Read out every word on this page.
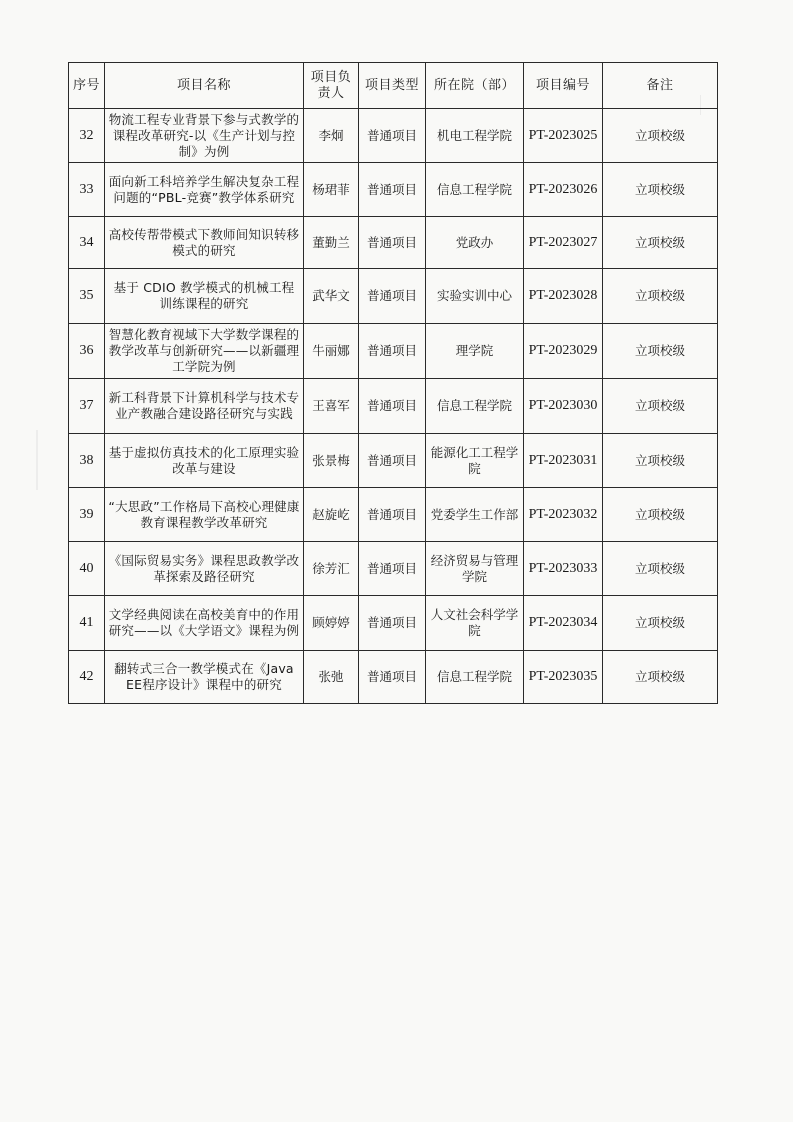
序号	项目名称	项目负责人	项目类型	所在院（部）	项目编号	备注
32	物流工程专业背景下参与式教学的课程改革研究-以《生产计划与控制》为例	李炯	普通项目	机电工程学院	PT-2023025	立项校级
33	面向新工科培养学生解决复杂工程问题的“PBL-竞赛”教学体系研究	杨珺菲	普通项目	信息工程学院	PT-2023026	立项校级
34	高校传帮带模式下教师间知识转移模式的研究	董勤兰	普通项目	党政办	PT-2023027	立项校级
35	基于 CDIO 教学模式的机械工程训练课程的研究	武华文	普通项目	实验实训中心	PT-2023028	立项校级
36	智慧化教育视域下大学数学课程的教学改革与创新研究——以新疆理工学院为例	牛丽娜	普通项目	理学院	PT-2023029	立项校级
37	新工科背景下计算机科学与技术专业产教融合建设路径研究与实践	王喜军	普通项目	信息工程学院	PT-2023030	立项校级
38	基于虚拟仿真技术的化工原理实验改革与建设	张景梅	普通项目	能源化工工程学院	PT-2023031	立项校级
39	“大思政”工作格局下高校心理健康教育课程教学改革研究	赵旋屹	普通项目	党委学生工作部	PT-2023032	立项校级
40	《国际贸易实务》课程思政教学改革探索及路径研究	徐芳汇	普通项目	经济贸易与管理学院	PT-2023033	立项校级
41	文学经典阅读在高校美育中的作用研究——以《大学语文》课程为例	顾婷婷	普通项目	人文社会科学学院	PT-2023034	立项校级
42	翻转式三合一教学模式在《Java EE程序设计》课程中的研究	张弛	普通项目	信息工程学院	PT-2023035	立项校级
